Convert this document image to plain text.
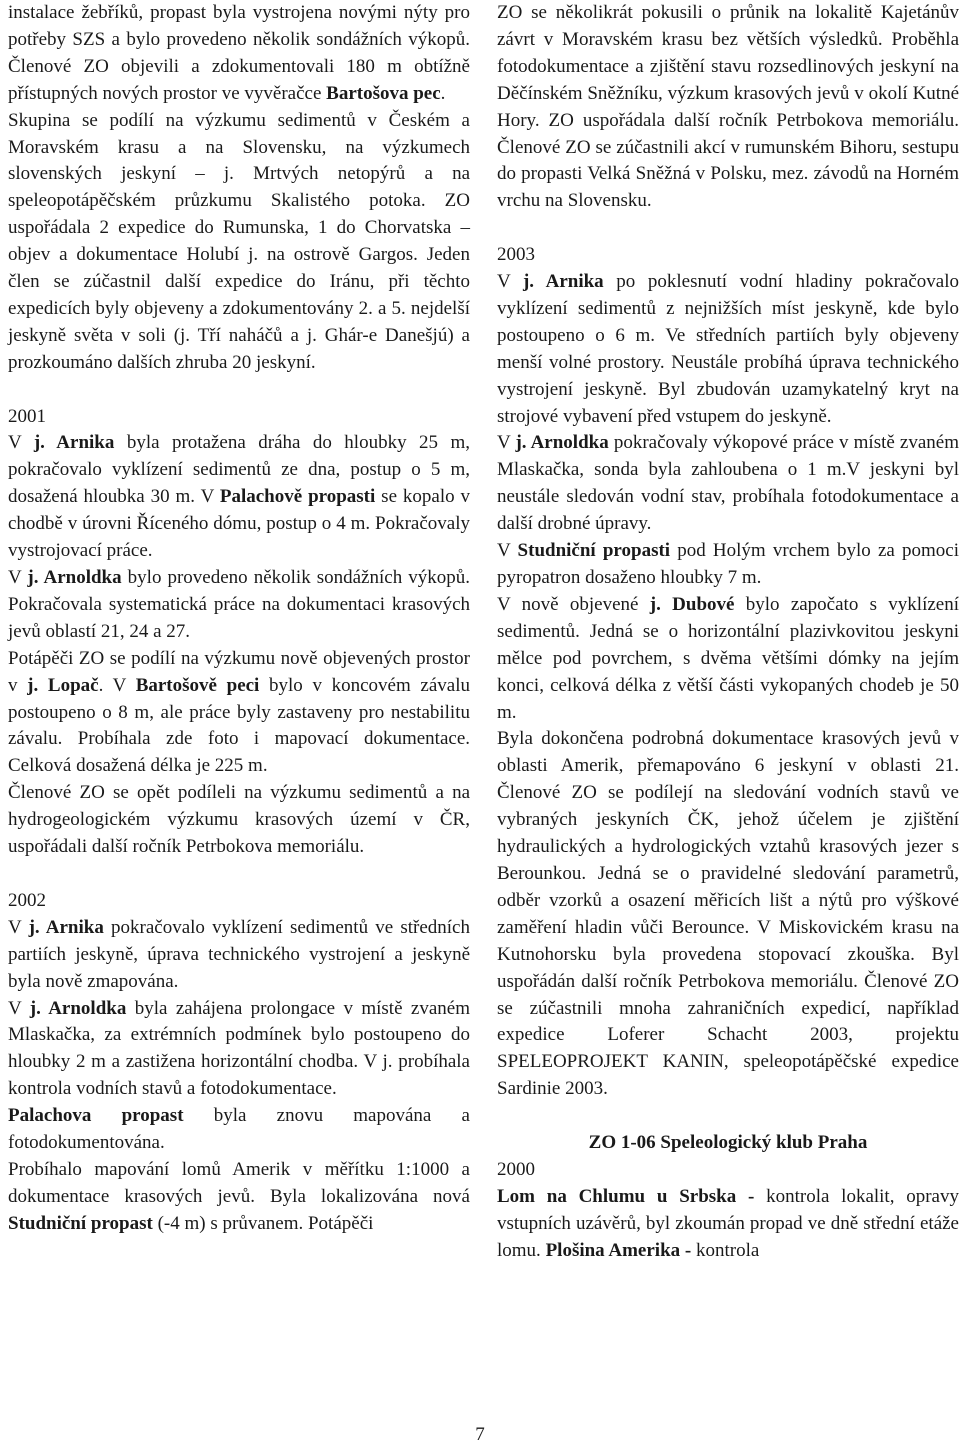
instalace žebříků, propast byla vystrojena novými nýty pro potřeby SZS a bylo provedeno několik sondážních výkopů. Členové ZO objevili a zdokumentovali 180 m obtížně přístupných nových prostor ve vyvěračce Bartošova pec.

Skupina se podílí na výzkumu sedimentů v Českém a Moravském krasu a na Slovensku, na výzkumech slovenských jeskyní – j. Mrtvých netopýrů a na speleopotápěčském průzkumu Skalistého potoka. ZO uspořádala 2 expedice do Rumunska, 1 do Chorvatska – objev a dokumentace Holubí j. na ostrově Gargos. Jeden člen se zúčastnil další expedice do Iránu, při těchto expedicích byly objeveny a zdokumentovány 2. a 5. nejdelší jeskyně světa v soli (j. Tří naháčů a j. Ghár-e Danešjú) a prozkoumáno dalších zhruba 20 jeskyní.

2001

V j. Arnika byla protažena dráha do hloubky 25 m, pokračovalo vyklízení sedimentů ze dna, postup o 5 m, dosažená hloubka 30 m. V Palachově propasti se kopalo v chodbě v úrovni Říceného dómu, postup o 4 m. Pokračovaly vystrojovací práce.

V j. Arnoldka bylo provedeno několik sondážních výkopů. Pokračovala systematická práce na dokumentaci krasových jevů oblastí 21, 24 a 27.

Potápěči ZO se podílí na výzkumu nově objevených prostor v j. Lopač. V Bartošově peci bylo v koncovém závalu postoupeno o 8 m, ale práce byly zastaveny pro nestabilitu závalu. Probíhala zde foto i mapovací dokumentace. Celková dosažená délka je 225 m.

Členové ZO se opět podíleli na výzkumu sedimentů a na hydrogeologickém výzkumu krasových území v ČR, uspořádali další ročník Petrbokova memoriálu.

2002

V j. Arnika pokračovalo vyklízení sedimentů ve středních partiích jeskyně, úprava technického vystrojení a jeskyně byla nově zmapována.

V j. Arnoldka byla zahájena prolongace v místě zvaném Mlaskačka, za extrémních podmínek bylo postoupeno do hloubky 2 m a zastižena horizontální chodba. V j. probíhala kontrola vodních stavů a fotodokumentace.

Palachova propast byla znovu mapována a fotodokumentována.

Probíhalo mapování lomů Amerik v měřítku 1:1000 a dokumentace krasových jevů. Byla lokalizována nová Studniční propast (-4 m) s průvanem. Potápěči

ZO se několikrát pokusili o průnik na lokalitě Kajetánův závrt v Moravském krasu bez větších výsledků. Proběhla fotodokumentace a zjištění stavu rozsedlinových jeskyní na Děčínském Sněžníku, výzkum krasových jevů v okolí Kutné Hory. ZO uspořádala další ročník Petrbokova memoriálu. Členové ZO se zúčastnili akcí v rumunském Bihoru, sestupu do propasti Velká Sněžná v Polsku, mez. závodů na Horném vrchu na Slovensku.

2003

V j. Arnika po poklesnutí vodní hladiny pokračovalo vyklízení sedimentů z nejnižších míst jeskyně, kde bylo postoupeno o 6 m. Ve středních partiích byly objeveny menší volné prostory. Neustále probíhá úprava technického vystrojení jeskyně. Byl zbudován uzamykatelný kryt na strojové vybavení před vstupem do jeskyně.

V j. Arnoldka pokračovaly výkopové práce v místě zvaném Mlaskačka, sonda byla zahloubena o 1 m.V jeskyni byl neustále sledován vodní stav, probíhala fotodokumentace a další drobné úpravy.

V Studniční propasti pod Holým vrchem bylo za pomoci pyropatron dosaženo hloubky 7 m.

V nově objevené j. Dubové bylo započato s vyklízení sedimentů. Jedná se o horizontální plazivkovitou jeskyni mělce pod povrchem, s dvěma většími dómky na jejím konci, celková délka z větší části vykopaných chodeb je 50 m.

Byla dokončena podrobná dokumentace krasových jevů v oblasti Amerik, přemapováno 6 jeskyní v oblasti 21. Členové ZO se podílejí na sledování vodních stavů ve vybraných jeskyních ČK, jehož účelem je zjištění hydraulických a hydrologických vztahů krasových jezer s Berounkou. Jedná se o pravidelné sledování parametrů, odběr vzorků a osazení měřicích lišt a nýtů pro výškové zaměření hladin vůči Berounce. V Miskovickém krasu na Kutnohorsku byla provedena stopovací zkouška. Byl uspořádán další ročník Petrbokova memoriálu. Členové ZO se zúčastnili mnoha zahraničních expedicí, například expedice Loferer Schacht 2003, projektu SPELEOPROJEKT KANIN, speleopotápěčské expedice Sardinie 2003.

ZO 1-06 Speleologický klub Praha

2000

Lom na Chlumu u Srbska - kontrola lokalit, opravy vstupních uzávěrů, byl zkoumán propad ve dně střední etáže lomu. Plošina Amerika - kontrola

7
